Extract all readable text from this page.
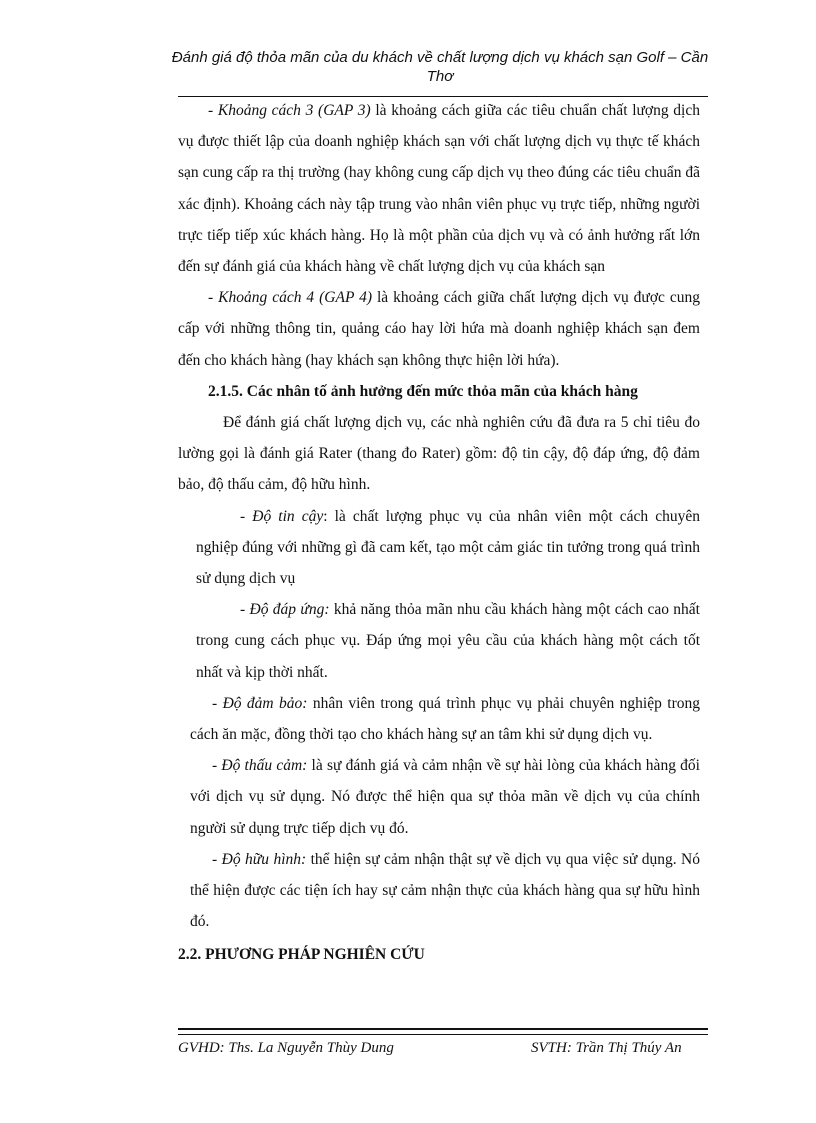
Đánh giá độ thỏa mãn của du khách về chất lượng dịch vụ khách sạn Golf – Cần Thơ

- Khoảng cách 3 (GAP 3) là khoảng cách giữa các tiêu chuẩn chất lượng dịch vụ được thiết lập của doanh nghiệp khách sạn với chất lượng dịch vụ thực tế khách sạn cung cấp ra thị trường (hay không cung cấp dịch vụ theo đúng các tiêu chuẩn đã xác định). Khoảng cách này tập trung vào nhân viên phục vụ trực tiếp, những người trực tiếp tiếp xúc khách hàng. Họ là một phần của dịch vụ và có ảnh hưởng rất lớn đến sự đánh giá của khách hàng về chất lượng dịch vụ của khách sạn

- Khoảng cách 4 (GAP 4) là khoảng cách giữa chất lượng dịch vụ được cung cấp với những thông tin, quảng cáo hay lời hứa mà doanh nghiệp khách sạn đem đến cho khách hàng (hay khách sạn không thực hiện lời hứa).

2.1.5. Các nhân tố ảnh hưởng đến mức thỏa mãn của khách hàng

Để đánh giá chất lượng dịch vụ, các nhà nghiên cứu đã đưa ra 5 chỉ tiêu đo lường gọi là đánh giá Rater (thang đo Rater) gồm: độ tin cậy, độ đáp ứng, độ đảm bảo, độ thấu cảm, độ hữu hình.

- Độ tin cậy: là chất lượng phục vụ của nhân viên một cách chuyên nghiệp đúng với những gì đã cam kết, tạo một cảm giác tin tưởng trong quá trình sử dụng dịch vụ

- Độ đáp ứng: khả năng thỏa mãn nhu cầu khách hàng một cách cao nhất trong cung cách phục vụ. Đáp ứng mọi yêu cầu của khách hàng một cách tốt nhất và kịp thời nhất.

- Độ đảm bảo: nhân viên trong quá trình phục vụ phải chuyên nghiệp trong cách ăn mặc, đồng thời tạo cho khách hàng sự an tâm khi sử dụng dịch vụ.

- Độ thấu cảm: là sự đánh giá và cảm nhận về sự hài lòng của khách hàng đối với dịch vụ sử dụng. Nó được thể hiện qua sự thỏa mãn về dịch vụ của chính người sử dụng trực tiếp dịch vụ đó.

- Độ hữu hình: thể hiện sự cảm nhận thật sự về dịch vụ qua việc sử dụng. Nó thể hiện được các tiện ích hay sự cảm nhận thực của khách hàng qua sự hữu hình đó.

2.2. PHƯƠNG PHÁP NGHIÊN CỨU

GVHD: Ths. La Nguyễn Thùy Dung	SVTH: Trần Thị Thúy An
